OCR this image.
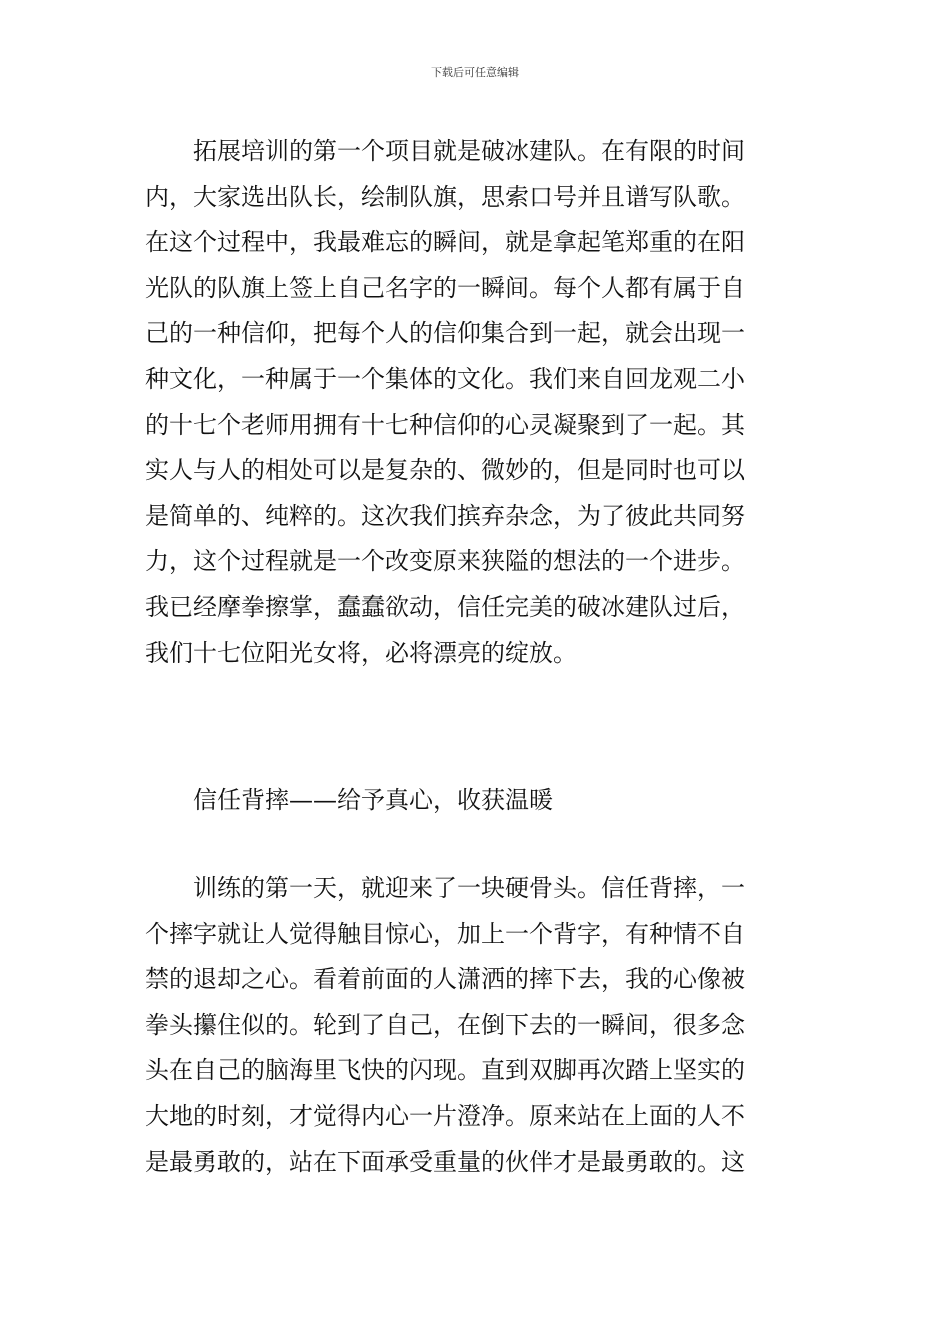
下载后可任意编辑
　　拓展培训的第一个项目就是破冰建队。在有限的时间
内，大家选出队长，绘制队旗，思索口号并且谱写队歌。
在这个过程中，我最难忘的瞬间，就是拿起笔郑重的在阳
光队的队旗上签上自己名字的一瞬间。每个人都有属于自
己的一种信仰，把每个人的信仰集合到一起，就会出现一
种文化，一种属于一个集体的文化。我们来自回龙观二小
的十七个老师用拥有十七种信仰的心灵凝聚到了一起。其
实人与人的相处可以是复杂的、微妙的，但是同时也可以
是简单的、纯粹的。这次我们摈弃杂念，为了彼此共同努
力，这个过程就是一个改变原来狭隘的想法的一个进步。
我已经摩拳擦掌，蠢蠢欲动，信任完美的破冰建队过后，
我们十七位阳光女将，必将漂亮的绽放。
　　信任背摔——给予真心，收获温暖
　　训练的第一天，就迎来了一块硬骨头。信任背摔，一
个摔字就让人觉得触目惊心，加上一个背字，有种情不自
禁的退却之心。看着前面的人潇洒的摔下去，我的心像被
拳头攥住似的。轮到了自己，在倒下去的一瞬间，很多念
头在自己的脑海里飞快的闪现。直到双脚再次踏上坚实的
大地的时刻，才觉得内心一片澄净。原来站在上面的人不
是最勇敢的，站在下面承受重量的伙伴才是最勇敢的。这
